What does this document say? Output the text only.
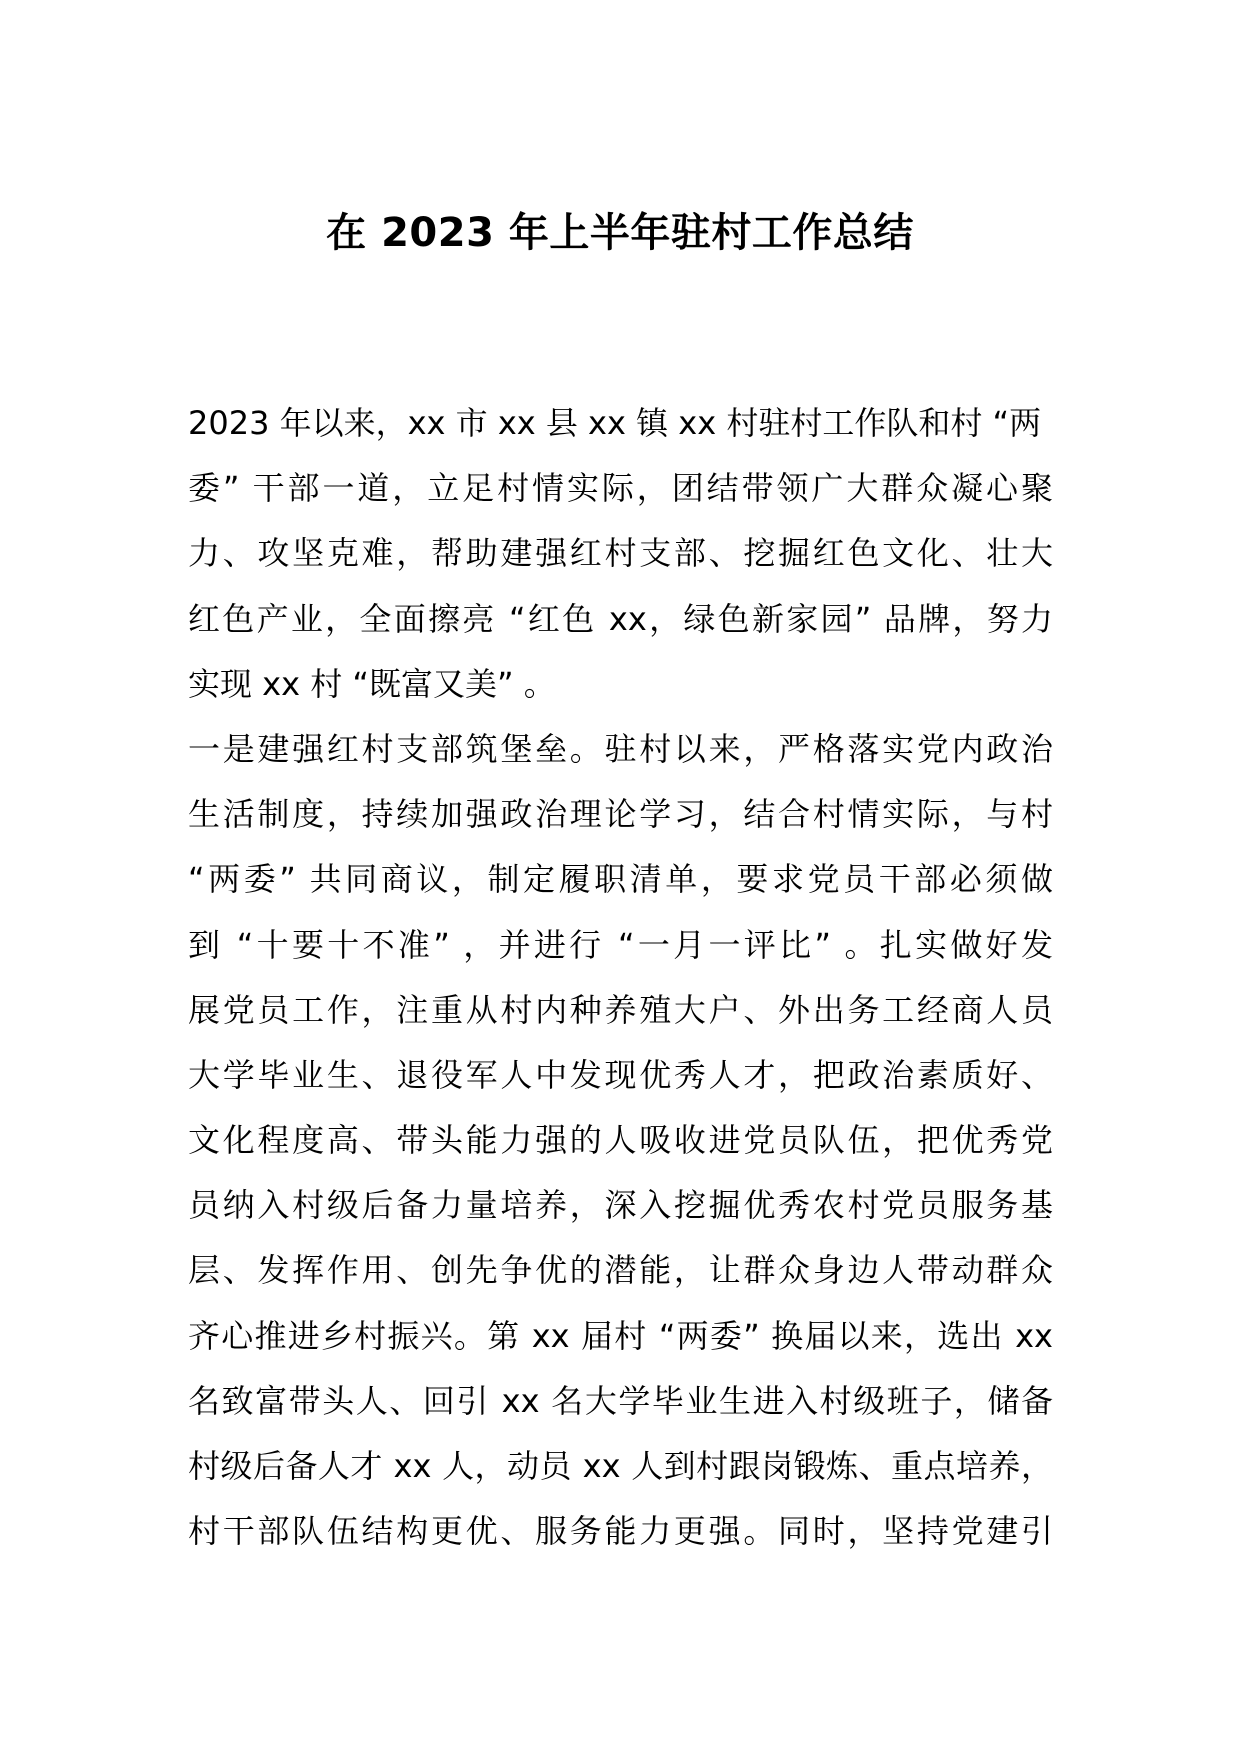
在 2023 年上半年驻村工作总结
2023 年以来，xx 市 xx 县 xx 镇 xx 村驻村工作队和村 “两
委” 干部一道，立足村情实际，团结带领广大群众凝心聚
力、攻坚克难，帮助建强红村支部、挖掘红色文化、壮大
红色产业，全面擦亮 “红色 xx，绿色新家园” 品牌，努力
实现 xx 村 “既富又美” 。
一是建强红村支部筑堡垒。驻村以来，严格落实党内政治
生活制度，持续加强政治理论学习，结合村情实际，与村
“两委” 共同商议，制定履职清单，要求党员干部必须做
到 “十要十不准” ，并进行 “一月一评比” 。扎实做好发
展党员工作，注重从村内种养殖大户、外出务工经商人员
大学毕业生、退役军人中发现优秀人才，把政治素质好、
文化程度高、带头能力强的人吸收进党员队伍，把优秀党
员纳入村级后备力量培养，深入挖掘优秀农村党员服务基
层、发挥作用、创先争优的潜能，让群众身边人带动群众
齐心推进乡村振兴。第 xx 届村 “两委” 换届以来，选出 xx
名致富带头人、回引 xx 名大学毕业生进入村级班子，储备
村级后备人才 xx 人，动员 xx 人到村跟岗锻炼、重点培养，
村干部队伍结构更优、服务能力更强。同时，坚持党建引
